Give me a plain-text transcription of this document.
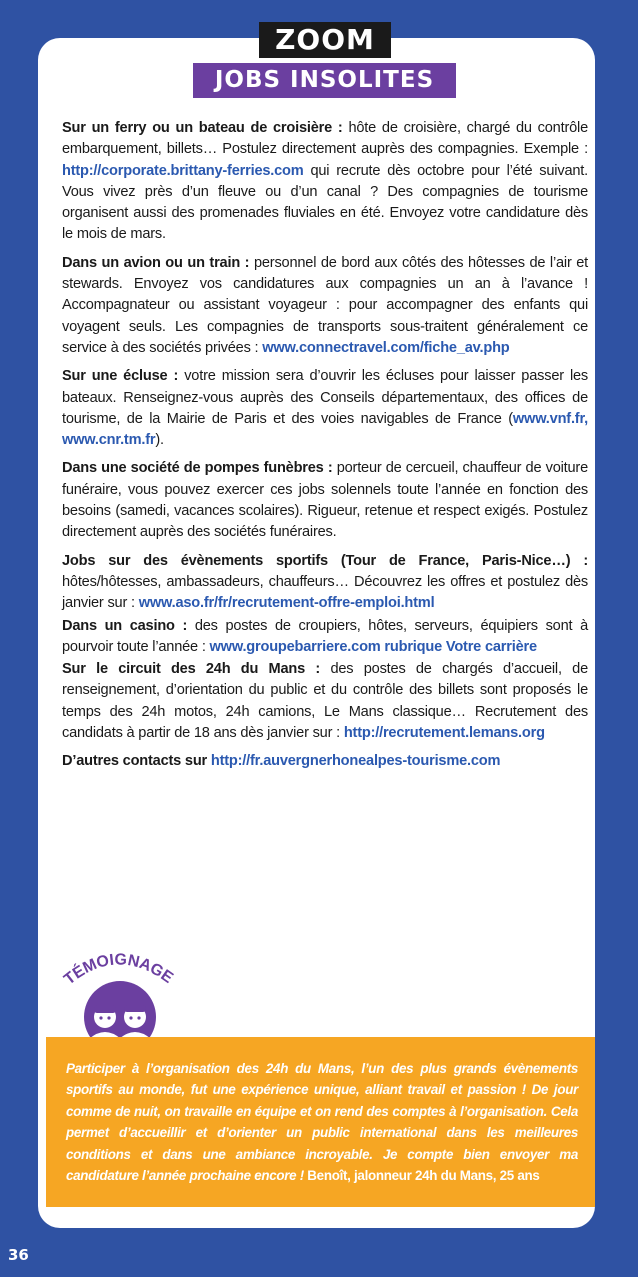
ZOOM
JOBS INSOLITES

Sur un ferry ou un bateau de croisière : hôte de croisière, chargé du contrôle embarquement, billets… Postulez directement auprès des compagnies. Exemple : http://corporate.brittany-ferries.com qui recrute dès octobre pour l’été suivant. Vous vivez près d’un fleuve ou d’un canal ? Des compagnies de tourisme organisent aussi des promenades fluviales en été. Envoyez votre candidature dès le mois de mars.

Dans un avion ou un train : personnel de bord aux côtés des hôtesses de l’air et stewards. Envoyez vos candidatures aux compagnies un an à l’avance ! Accompagnateur ou assistant voyageur : pour accompagner des enfants qui voyagent seuls. Les compagnies de transports sous-traitent généralement ce service à des sociétés privées : www.connectravel.com/fiche_av.php

Sur une écluse : votre mission sera d’ouvrir les écluses pour laisser passer les bateaux. Renseignez-vous auprès des Conseils départementaux, des offices de tourisme, de la Mairie de Paris et des voies navigables de France (www.vnf.fr, www.cnr.tm.fr).

Dans une société de pompes funèbres : porteur de cercueil, chauffeur de voiture funéraire, vous pouvez exercer ces jobs solennels toute l’année en fonction des besoins (samedi, vacances scolaires). Rigueur, retenue et respect exigés. Postulez directement auprès des sociétés funéraires.

Jobs sur des évènements sportifs (Tour de France, Paris-Nice…) : hôtes/hôtesses, ambassadeurs, chauffeurs… Découvrez les offres et postulez dès janvier sur : www.aso.fr/fr/recrutement-offre-emploi.html

Dans un casino : des postes de croupiers, hôtes, serveurs, équipiers sont à pourvoir toute l’année : www.groupebarriere.com rubrique Votre carrière

Sur le circuit des 24h du Mans : des postes de chargés d’accueil, de renseignement, d’orientation du public et du contrôle des billets sont proposés le temps des 24h motos, 24h camions, Le Mans classique… Recrutement des candidats à partir de 18 ans dès janvier sur : http://recrutement.lemans.org

D’autres contacts sur http://fr.auvergnerhonealpes-tourisme.com

TÉMOIGNAGE
Participer à l’organisation des 24h du Mans, l’un des plus grands évènements sportifs au monde, fut une expérience unique, alliant travail et passion ! De jour comme de nuit, on travaille en équipe et on rend des comptes à l’organisation. Cela permet d’accueillir et d’orienter un public international dans les meilleures conditions et dans une ambiance incroyable. Je compte bien envoyer ma candidature l’année prochaine encore ! Benoît, jalonneur 24h du Mans, 25 ans
36
